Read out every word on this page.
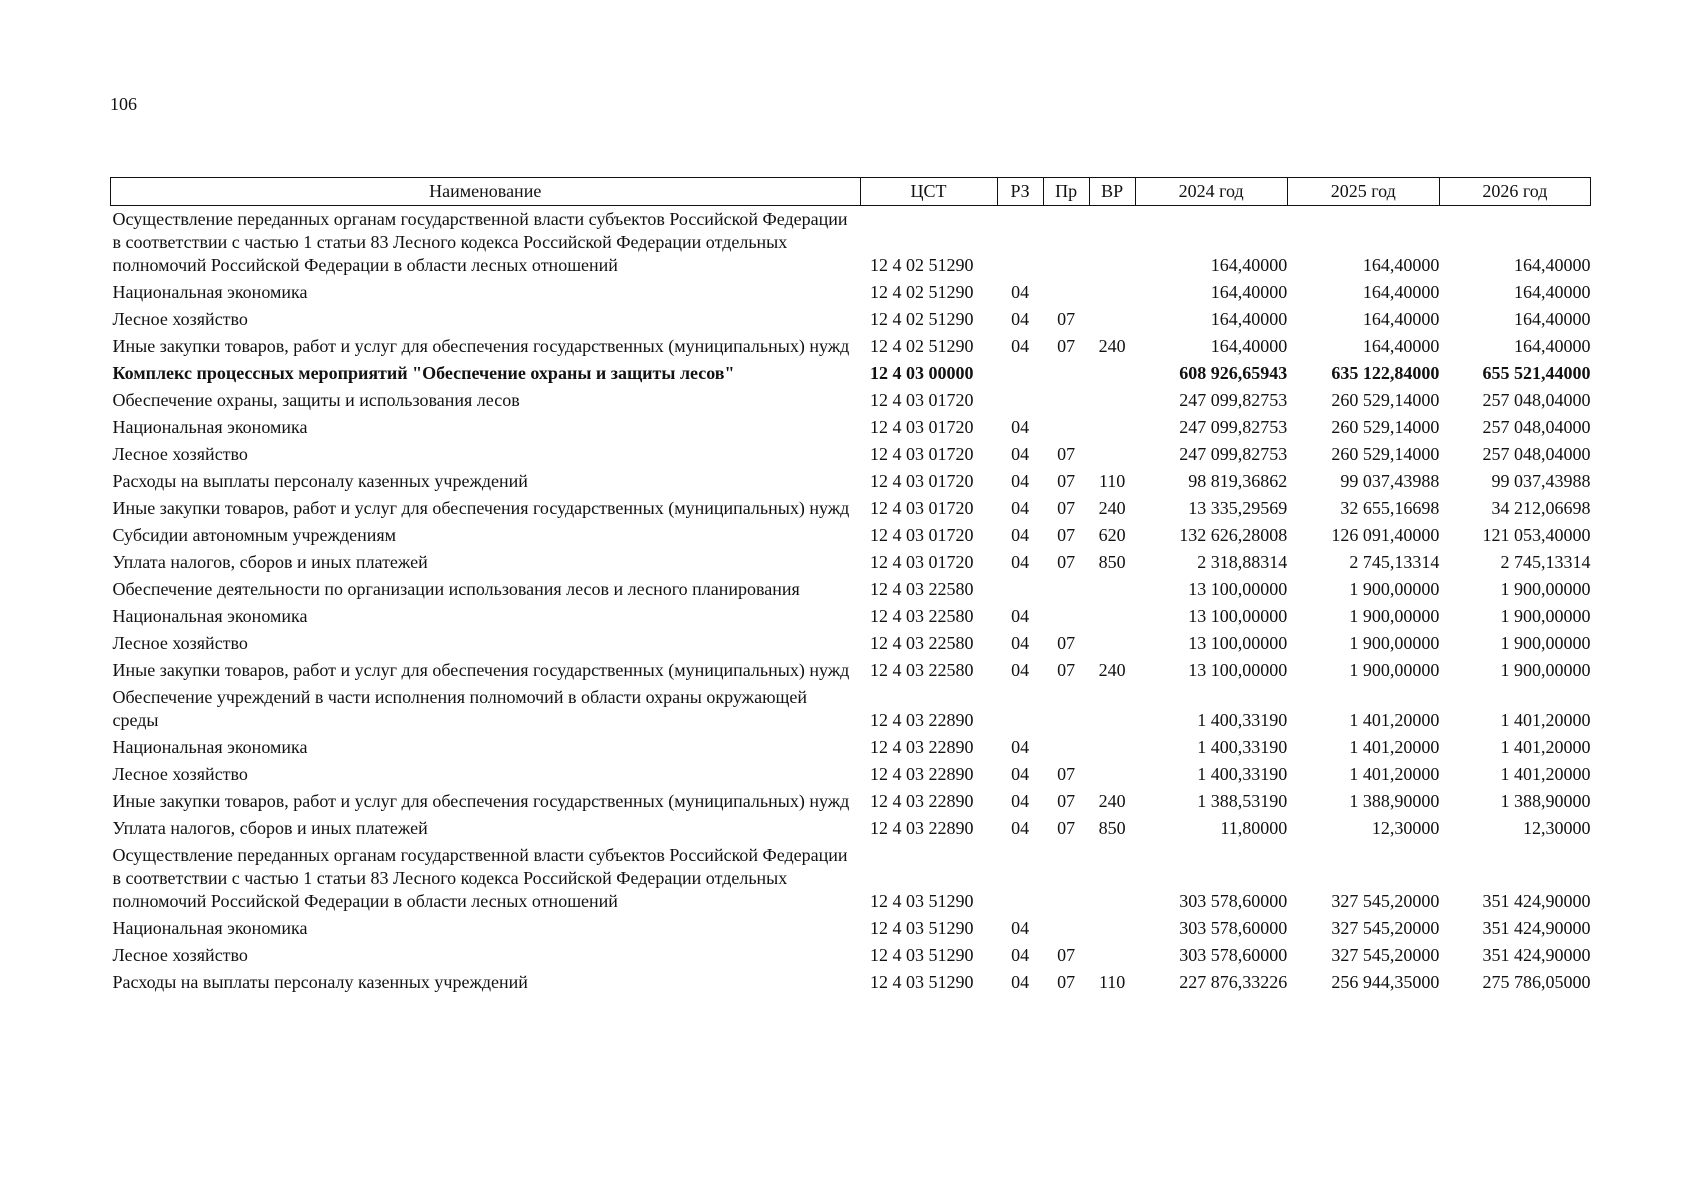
106
Наименование	ЦСТ	РЗ	Пр	ВР	2024 год	2025 год	2026 год
Осуществление переданных органам государственной власти субъектов Российской Федерации в соответствии с частью 1 статьи 83 Лесного кодекса Российской Федерации отдельных полномочий Российской Федерации в области лесных отношений	12 4 02 51290				164,40000	164,40000	164,40000
Национальная экономика	12 4 02 51290	04			164,40000	164,40000	164,40000
Лесное хозяйство	12 4 02 51290	04	07		164,40000	164,40000	164,40000
Иные закупки товаров, работ и услуг для обеспечения государственных (муниципальных) нужд	12 4 02 51290	04	07	240	164,40000	164,40000	164,40000
Комплекс процессных мероприятий "Обеспечение охраны и защиты лесов"	12 4 03 00000				608 926,65943	635 122,84000	655 521,44000
Обеспечение охраны, защиты и использования лесов	12 4 03 01720				247 099,82753	260 529,14000	257 048,04000
Национальная экономика	12 4 03 01720	04			247 099,82753	260 529,14000	257 048,04000
Лесное хозяйство	12 4 03 01720	04	07		247 099,82753	260 529,14000	257 048,04000
Расходы на выплаты персоналу казенных учреждений	12 4 03 01720	04	07	110	98 819,36862	99 037,43988	99 037,43988
Иные закупки товаров, работ и услуг для обеспечения государственных (муниципальных) нужд	12 4 03 01720	04	07	240	13 335,29569	32 655,16698	34 212,06698
Субсидии автономным учреждениям	12 4 03 01720	04	07	620	132 626,28008	126 091,40000	121 053,40000
Уплата налогов, сборов и иных платежей	12 4 03 01720	04	07	850	2 318,88314	2 745,13314	2 745,13314
Обеспечение деятельности по организации использования лесов и лесного планирования	12 4 03 22580				13 100,00000	1 900,00000	1 900,00000
Национальная экономика	12 4 03 22580	04			13 100,00000	1 900,00000	1 900,00000
Лесное хозяйство	12 4 03 22580	04	07		13 100,00000	1 900,00000	1 900,00000
Иные закупки товаров, работ и услуг для обеспечения государственных (муниципальных) нужд	12 4 03 22580	04	07	240	13 100,00000	1 900,00000	1 900,00000
Обеспечение учреждений в части исполнения полномочий в области охраны окружающей среды	12 4 03 22890				1 400,33190	1 401,20000	1 401,20000
Национальная экономика	12 4 03 22890	04			1 400,33190	1 401,20000	1 401,20000
Лесное хозяйство	12 4 03 22890	04	07		1 400,33190	1 401,20000	1 401,20000
Иные закупки товаров, работ и услуг для обеспечения государственных (муниципальных) нужд	12 4 03 22890	04	07	240	1 388,53190	1 388,90000	1 388,90000
Уплата налогов, сборов и иных платежей	12 4 03 22890	04	07	850	11,80000	12,30000	12,30000
Осуществление переданных органам государственной власти субъектов Российской Федерации в соответствии с частью 1 статьи 83 Лесного кодекса Российской Федерации отдельных полномочий Российской Федерации в области лесных отношений	12 4 03 51290				303 578,60000	327 545,20000	351 424,90000
Национальная экономика	12 4 03 51290	04			303 578,60000	327 545,20000	351 424,90000
Лесное хозяйство	12 4 03 51290	04	07		303 578,60000	327 545,20000	351 424,90000
Расходы на выплаты персоналу казенных учреждений	12 4 03 51290	04	07	110	227 876,33226	256 944,35000	275 786,05000
